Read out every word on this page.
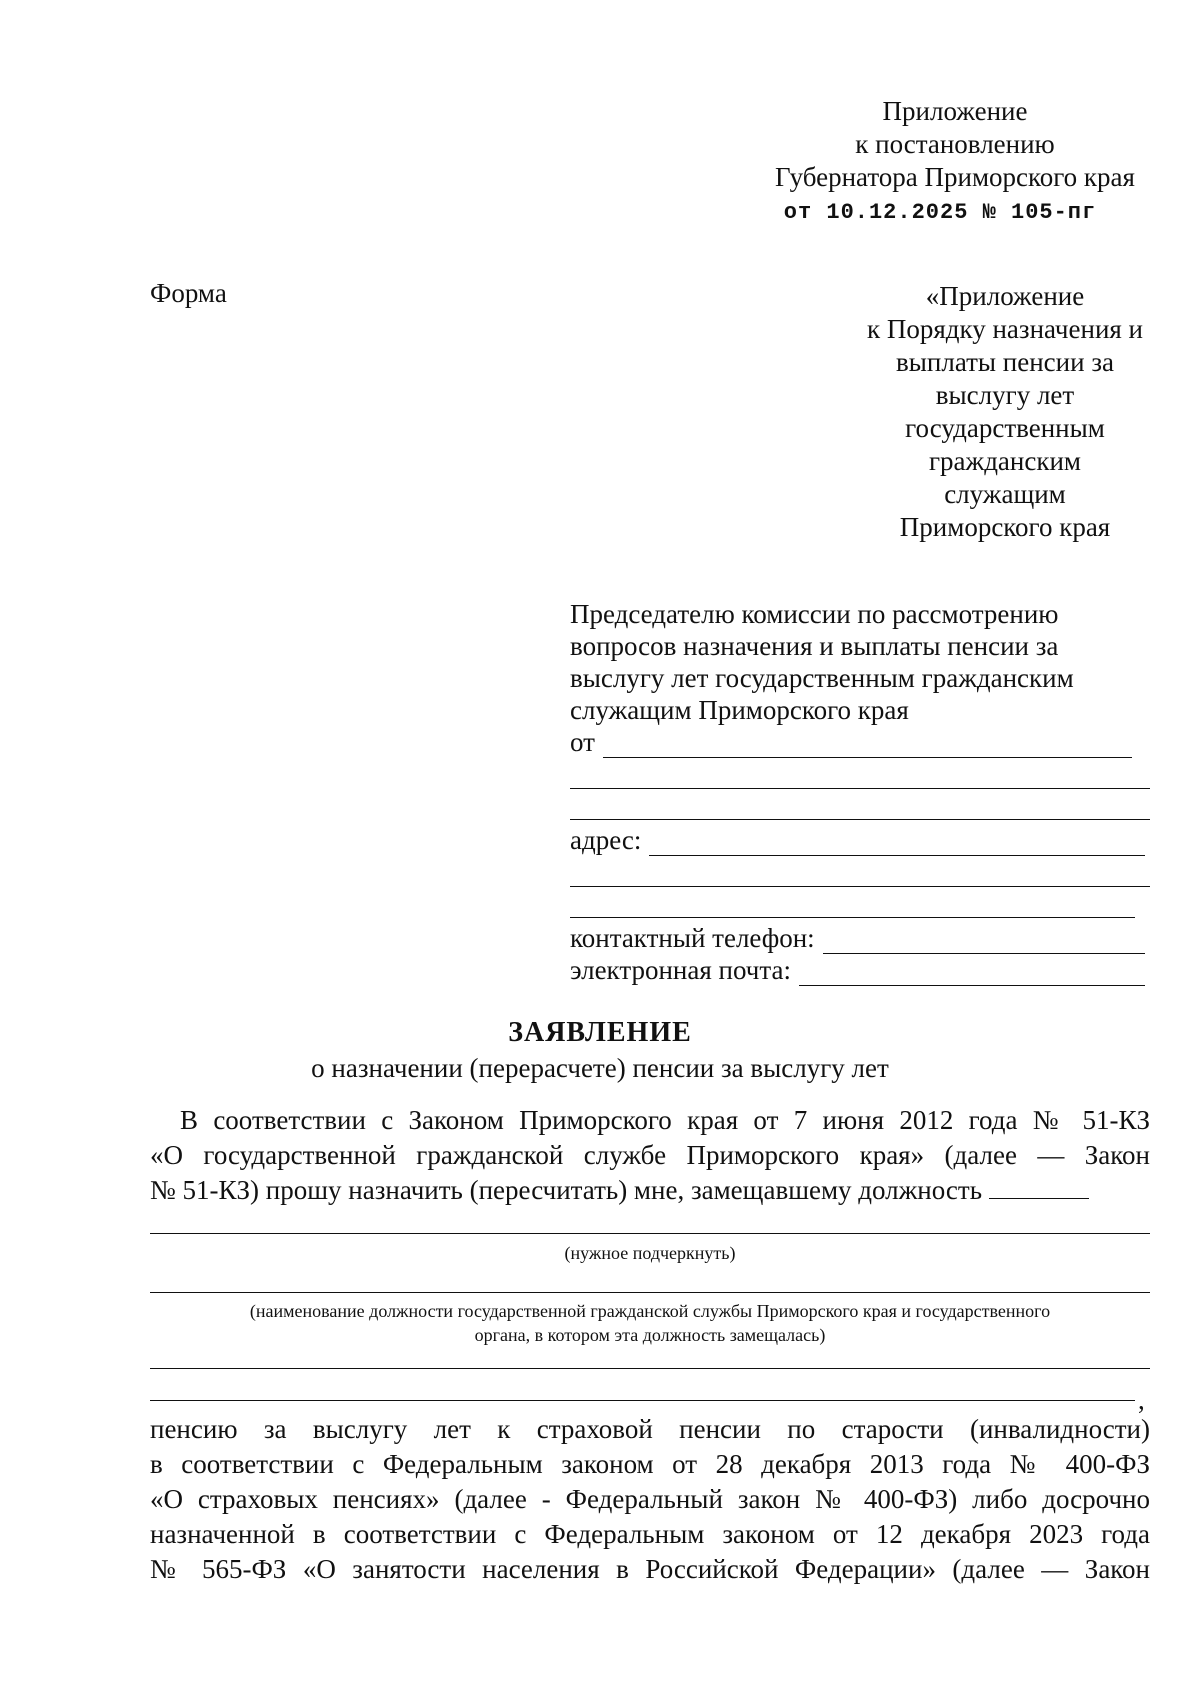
Приложение
к постановлению
Губернатора Приморского края
от 10.12.2025 № 105-пг
Форма	«Приложение
к Порядку назначения и
выплаты пенсии за
выслугу лет
государственным
гражданским
служащим
Приморского края
Председателю комиссии по рассмотрению
вопросов назначения и выплаты пенсии за
выслугу лет государственным гражданским
служащим Приморского края
от
адрес:
контактный телефон:
электронная почта:
ЗАЯВЛЕНИЕ
о назначении (перерасчете) пенсии за выслугу лет
В соответствии с Законом Приморского края от 7 июня 2012 года № 51-КЗ
«О государственной гражданской службе Приморского края» (далее — Закон
№ 51-КЗ) прошу назначить (пересчитать) мне, замещавшему должность
(нужное подчеркнуть)
(наименование должности государственной гражданской службы Приморского края и государственного
органа, в котором эта должность замещалась)
,
пенсию за выслугу лет к страховой пенсии по старости (инвалидности)
в соответствии с Федеральным законом от 28 декабря 2013 года № 400-ФЗ
«О страховых пенсиях» (далее - Федеральный закон № 400-ФЗ) либо досрочно
назначенной в соответствии с Федеральным законом от 12 декабря 2023 года
№ 565-ФЗ «О занятости населения в Российской Федерации» (далее — Закон
